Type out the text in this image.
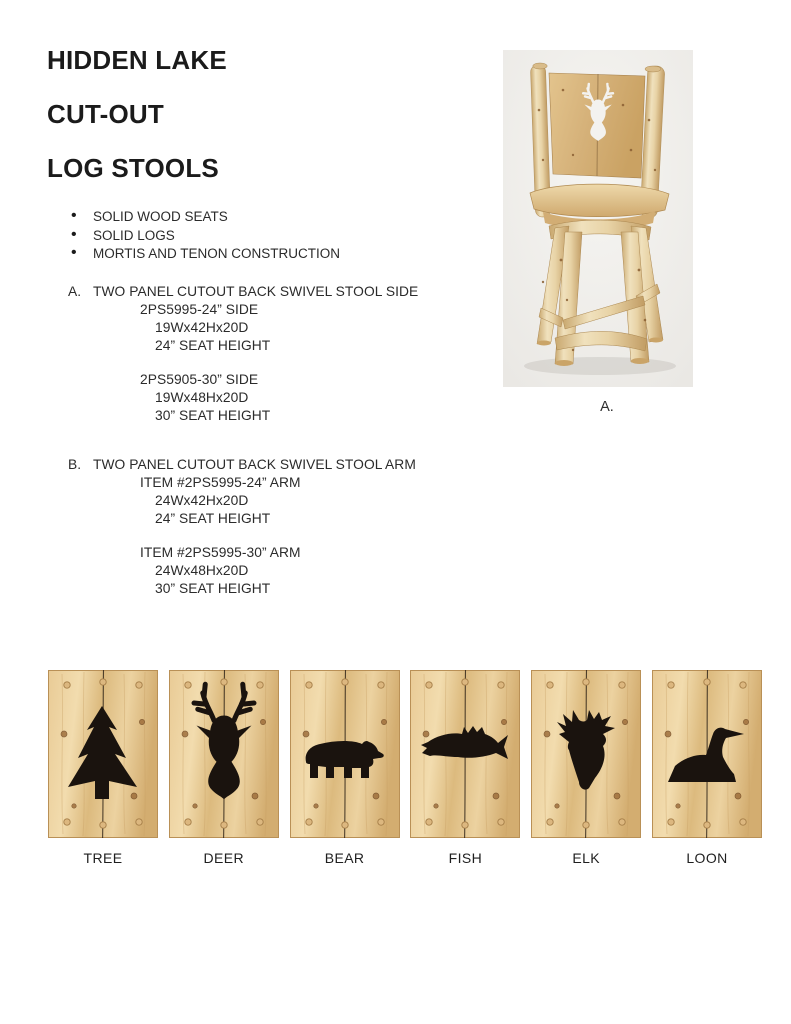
HIDDEN LAKE
CUT-OUT
LOG STOOLS
• SOLID WOOD SEATS
• SOLID LOGS
• MORTIS AND TENON CONSTRUCTION
A. TWO PANEL CUTOUT BACK SWIVEL STOOL SIDE
2PS5995-24” SIDE
19Wx42Hx20D
24” SEAT HEIGHT
2PS5905-30” SIDE
19Wx48Hx20D
30” SEAT HEIGHT
B. TWO PANEL CUTOUT BACK SWIVEL STOOL ARM
ITEM #2PS5995-24” ARM
24Wx42Hx20D
24” SEAT HEIGHT
ITEM #2PS5995-30” ARM
24Wx48Hx20D
30” SEAT HEIGHT
A.
TREE	DEER	BEAR	FISH	ELK	LOON
